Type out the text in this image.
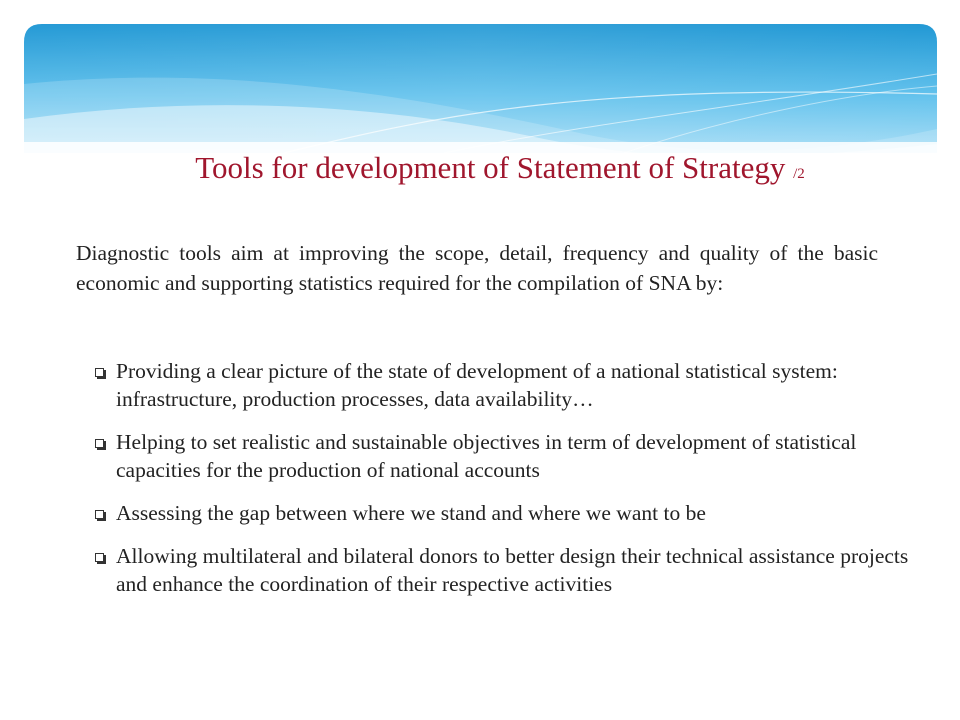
Tools for development of Statement of Strategy /2

Diagnostic tools aim at improving the scope, detail, frequency and quality of the basic economic and supporting statistics required for the compilation of SNA by:

Providing a clear picture of the state of development of a national statistical system: infrastructure, production processes, data availability…
Helping to set realistic and sustainable objectives in term of development of statistical capacities for the production of national accounts
Assessing the gap between where we stand and where we want to be
Allowing multilateral and bilateral donors to better design their technical assistance projects and enhance the coordination of their respective activities
